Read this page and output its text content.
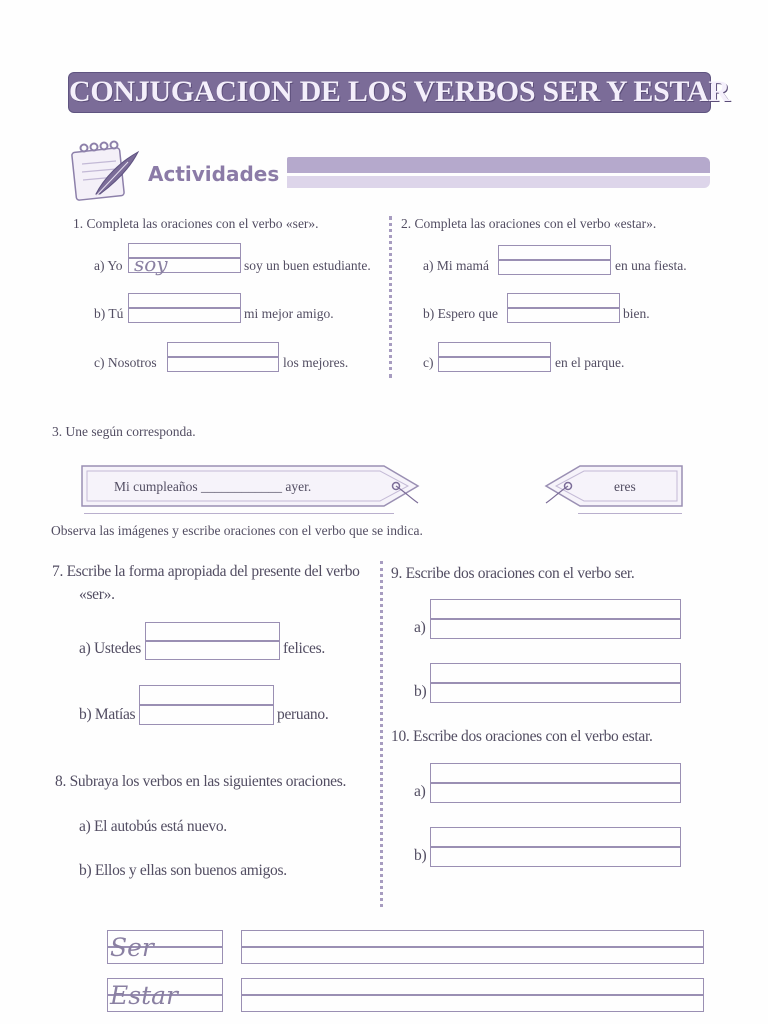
CONJUGACION DE LOS VERBOS SER Y ESTAR
Actividades
1. Completa las oraciones con el verbo «ser».
a) Yo soy	soy un buen estudiante.
b) Tú	mi mejor amigo.
c) Nosotros	los mejores.
2. Completa las oraciones con el verbo «estar».
a) Mi mamá	en una fiesta.
b) Espero que	bien.
c)	en el parque.
3. Une según corresponda.
Mi cumpleaños ____________ ayer.	eres
Observa las imágenes y escribe oraciones con el verbo que se indica.
7. Escribe la forma apropiada del presente del verbo
«ser».
a) Ustedes	felices.
b) Matías	peruano.
8. Subraya los verbos en las siguientes oraciones.
a) El autobús está nuevo.
b) Ellos y ellas son buenos amigos.
9. Escribe dos oraciones con el verbo ser.
a)
b)
10. Escribe dos oraciones con el verbo estar.
a)
b)
Ser
Estar
